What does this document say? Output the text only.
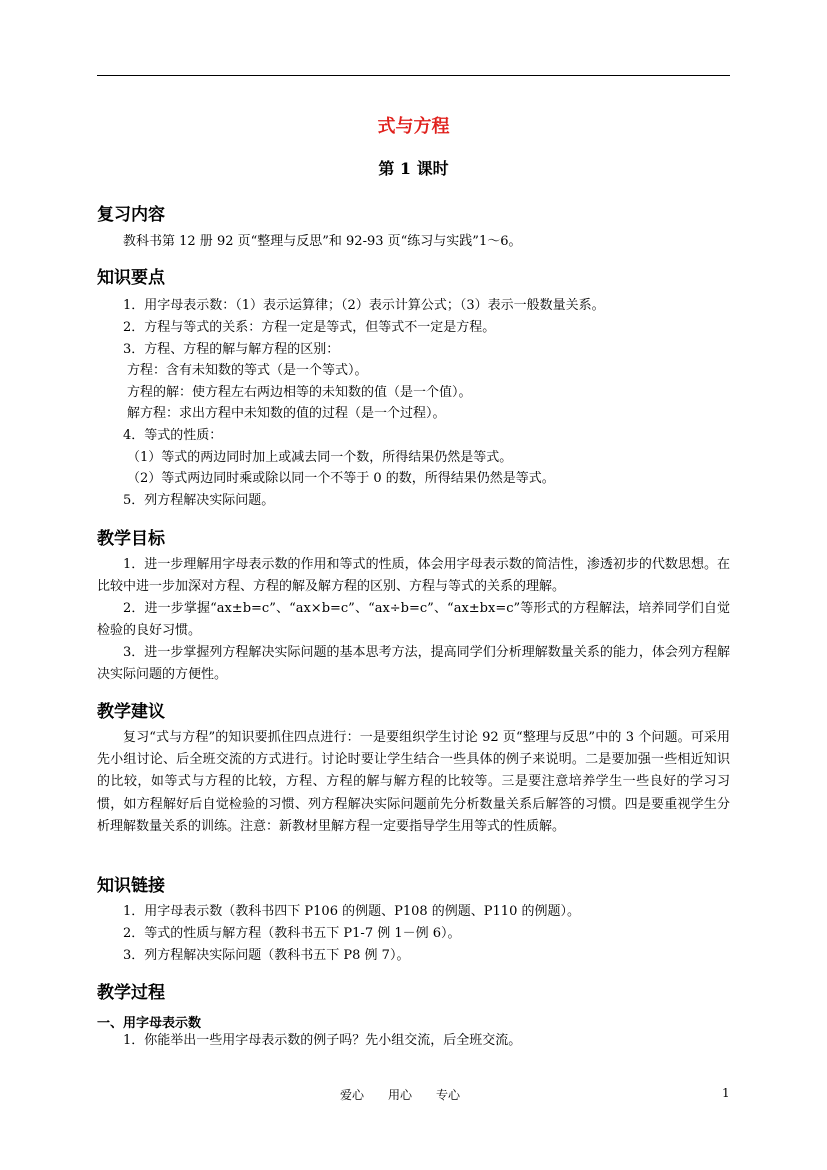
式与方程
第 1 课时
复习内容
教科书第 12 册 92 页“整理与反思”和 92-93 页“练习与实践”1～6。
知识要点
1．用字母表示数：（1）表示运算律；（2）表示计算公式；（3）表示一般数量关系。
2．方程与等式的关系：方程一定是等式，但等式不一定是方程。
3．方程、方程的解与解方程的区别：
方程：含有未知数的等式（是一个等式）。
方程的解：使方程左右两边相等的未知数的值（是一个值）。
解方程：求出方程中未知数的值的过程（是一个过程）。
4．等式的性质：
（1）等式的两边同时加上或减去同一个数，所得结果仍然是等式。
（2）等式两边同时乘或除以同一个不等于 0 的数，所得结果仍然是等式。
5．列方程解决实际问题。
教学目标
1．进一步理解用字母表示数的作用和等式的性质，体会用字母表示数的简洁性，渗透初步的代数思想。在比较中进一步加深对方程、方程的解及解方程的区别、方程与等式的关系的理解。
2．进一步掌握“ax±b=c”、“ax×b=c”、“ax÷b=c”、“ax±bx=c”等形式的方程解法，培养同学们自觉检验的良好习惯。
3．进一步掌握列方程解决实际问题的基本思考方法，提高同学们分析理解数量关系的能力，体会列方程解决实际问题的方便性。
教学建议
复习“式与方程”的知识要抓住四点进行：一是要组织学生讨论 92 页“整理与反思”中的 3 个问题。可采用先小组讨论、后全班交流的方式进行。讨论时要让学生结合一些具体的例子来说明。二是要加强一些相近知识的比较，如等式与方程的比较，方程、方程的解与解方程的比较等。三是要注意培养学生一些良好的学习习惯，如方程解好后自觉检验的习惯、列方程解决实际问题前先分析数量关系后解答的习惯。四是要重视学生分析理解数量关系的训练。注意：新教材里解方程一定要指导学生用等式的性质解。
知识链接
1．用字母表示数（教科书四下 P106 的例题、P108 的例题、P110 的例题）。
2．等式的性质与解方程（教科书五下 P1-7 例 1－例 6）。
3．列方程解决实际问题（教科书五下 P8 例 7）。
教学过程
一、用字母表示数
1．你能举出一些用字母表示数的例子吗？先小组交流，后全班交流。
爱心　　用心　　专心	1
